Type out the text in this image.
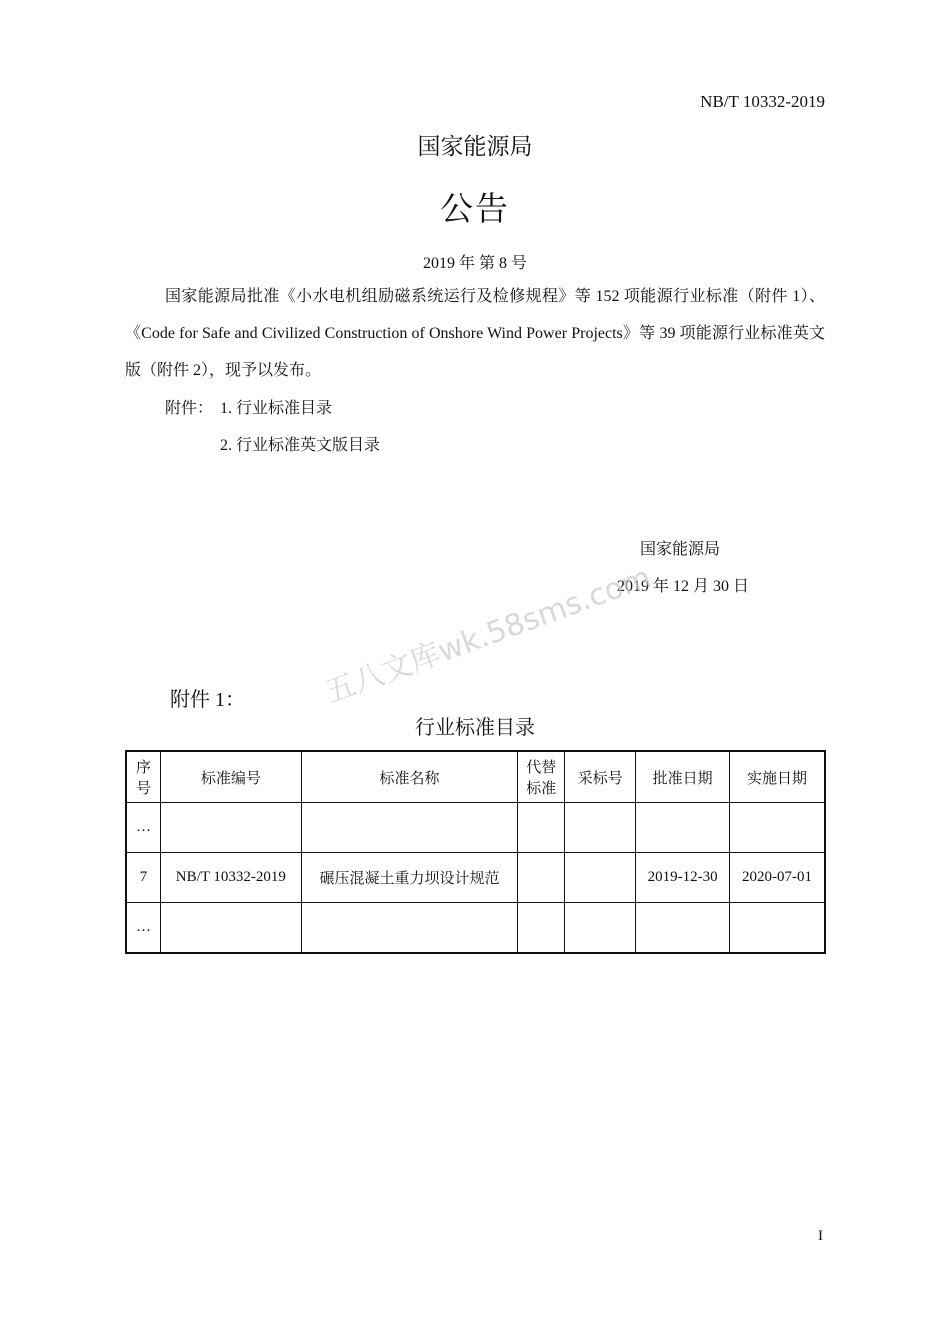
NB/T 10332-2019
国家能源局
公告
2019 年 第 8 号
国家能源局批准《小水电机组励磁系统运行及检修规程》等 152 项能源行业标准（附件 1）、《Code for Safe and Civilized Construction of Onshore Wind Power Projects》等 39 项能源行业标准英文版（附件 2），现予以发布。
附件： 1. 行业标准目录
2. 行业标准英文版目录
国家能源局
2019 年 12 月 30 日
五八文库wk.58sms.com
附件 1：
行业标准目录
序号	标准编号	标准名称	代替标准	采标号	批准日期	实施日期
…						
7	NB/T 10332-2019	碾压混凝土重力坝设计规范			2019-12-30	2020-07-01
…						
I
